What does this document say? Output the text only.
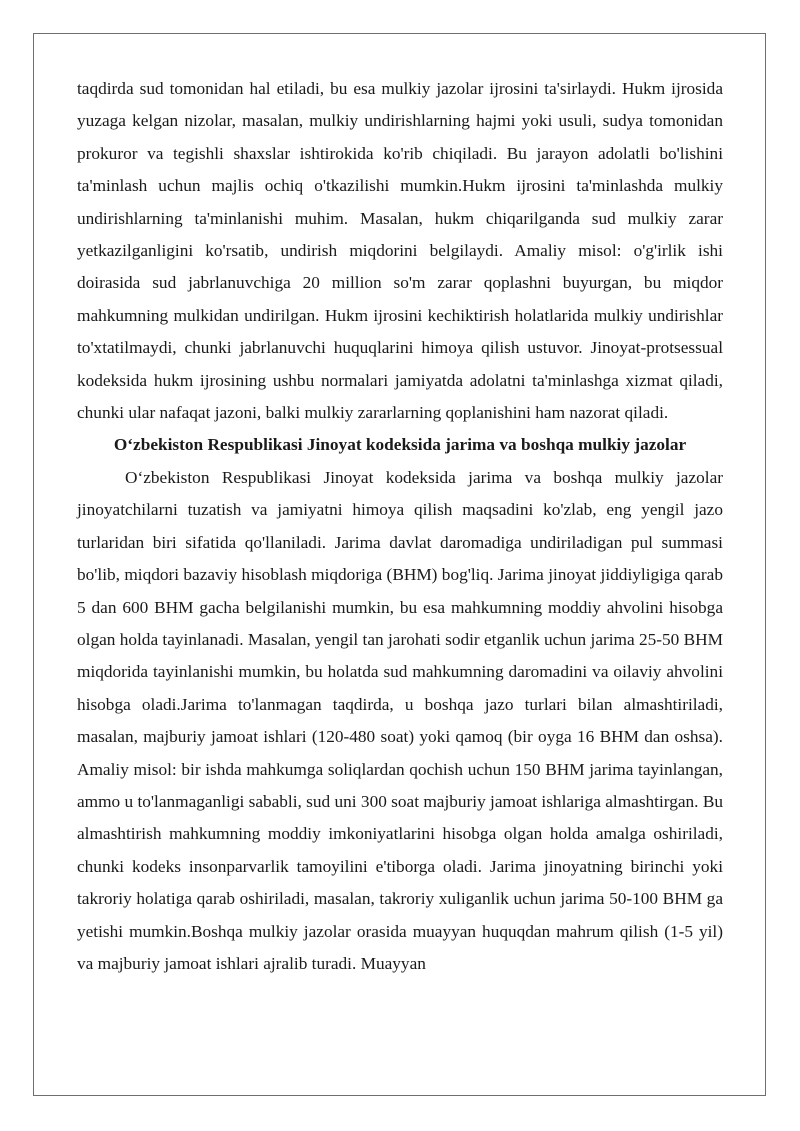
taqdirda sud tomonidan hal etiladi, bu esa mulkiy jazolar ijrosini ta'sirlaydi. Hukm ijrosida yuzaga kelgan nizolar, masalan, mulkiy undirishlarning hajmi yoki usuli, sudya tomonidan prokuror va tegishli shaxslar ishtirokida ko'rib chiqiladi. Bu jarayon adolatli bo'lishini ta'minlash uchun majlis ochiq o'tkazilishi mumkin.Hukm ijrosini ta'minlashda mulkiy undirishlarning ta'minlanishi muhim. Masalan, hukm chiqarilganda sud mulkiy zarar yetkazilganligini ko'rsatib, undirish miqdorini belgilaydi. Amaliy misol: o'g'irlik ishi doirasida sud jabrlanuvchiga 20 million so'm zarar qoplashni buyurgan, bu miqdor mahkumning mulkidan undirilgan. Hukm ijrosini kechiktirish holatlarida mulkiy undirishlar to'xtatilmaydi, chunki jabrlanuvchi huquqlarini himoya qilish ustuvor. Jinoyat-protsessual kodeksida hukm ijrosining ushbu normalari jamiyatda adolatni ta'minlashga xizmat qiladi, chunki ular nafaqat jazoni, balki mulkiy zararlarning qoplanishini ham nazorat qiladi.

O‘zbekiston Respublikasi Jinoyat kodeksida jarima va boshqa mulkiy jazolar

O‘zbekiston Respublikasi Jinoyat kodeksida jarima va boshqa mulkiy jazolar jinoyatchilarni tuzatish va jamiyatni himoya qilish maqsadini ko'zlab, eng yengil jazo turlaridan biri sifatida qo'llaniladi. Jarima davlat daromadiga undiriladigan pul summasi bo'lib, miqdori bazaviy hisoblash miqdoriga (BHM) bog'liq. Jarima jinoyat jiddiyligiga qarab 5 dan 600 BHM gacha belgilanishi mumkin, bu esa mahkumning moddiy ahvolini hisobga olgan holda tayinlanadi. Masalan, yengil tan jarohati sodir etganlik uchun jarima 25-50 BHM miqdorida tayinlanishi mumkin, bu holatda sud mahkumning daromadini va oilaviy ahvolini hisobga oladi.Jarima to'lanmagan taqdirda, u boshqa jazo turlari bilan almashtiriladi, masalan, majburiy jamoat ishlari (120-480 soat) yoki qamoq (bir oyga 16 BHM dan oshsa). Amaliy misol: bir ishda mahkumga soliqlardan qochish uchun 150 BHM jarima tayinlangan, ammo u to'lanmaganligi sababli, sud uni 300 soat majburiy jamoat ishlariga almashtirgan. Bu almashtirish mahkumning moddiy imkoniyatlarini hisobga olgan holda amalga oshiriladi, chunki kodeks insonparvarlik tamoyilini e'tiborga oladi. Jarima jinoyatning birinchi yoki takroriy holatiga qarab oshiriladi, masalan, takroriy xuliganlik uchun jarima 50-100 BHM ga yetishi mumkin.Boshqa mulkiy jazolar orasida muayyan huquqdan mahrum qilish (1-5 yil) va majburiy jamoat ishlari ajralib turadi. Muayyan
